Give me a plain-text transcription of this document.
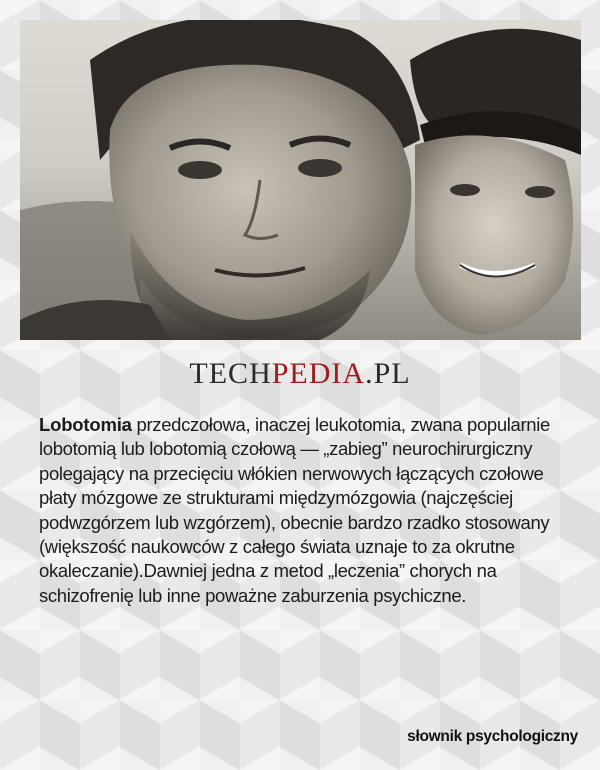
TECHPEDIA.PL
Lobotomia przedczołowa, inaczej leukotomia, zwana popularnie lobotomią lub lobotomią czołową — „zabieg” neurochirurgiczny polegający na przecięciu włókien nerwowych łączących czołowe płaty mózgowe ze strukturami międzymózgowia (najczęściej podwzgórzem lub wzgórzem), obecnie bardzo rzadko stosowany (większość naukowców z całego świata uznaje to za okrutne okaleczanie).Dawniej jedna z metod „leczenia” chorych na schizofrenię lub inne poważne zaburzenia psychiczne.
słownik psychologiczny
